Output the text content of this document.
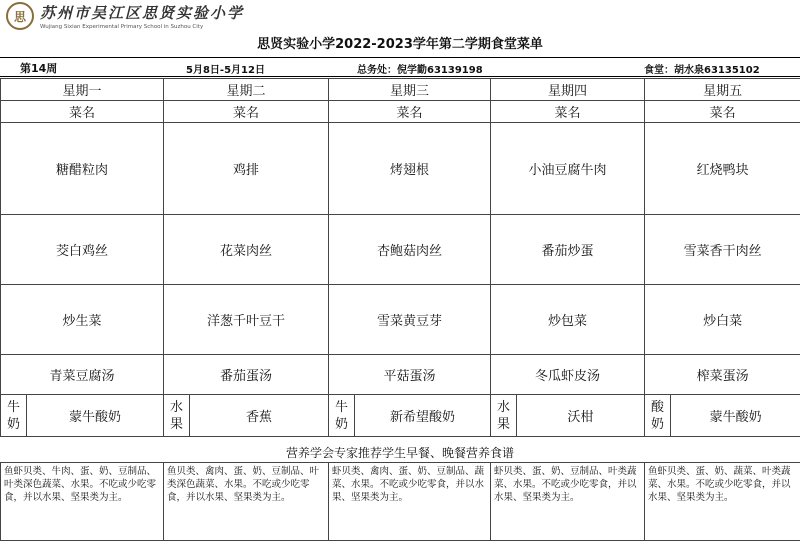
思 苏州市吴江区思贤实验小学
Wujiang Sixian Experimental Primary School in Suzhou City
思贤实验小学2022-2023学年第二学期食堂菜单
第14周	5月8日-5月12日	总务处：倪学勤63139198	食堂：胡水泉63135102
星期一		星期二		星期三		星期四		星期五	
菜名		菜名		菜名		菜名		菜名	
糖醋粒肉		鸡排		烤翅根		小油豆腐牛肉		红烧鸭块	
茭白鸡丝		花菜肉丝		杏鲍菇肉丝		番茄炒蛋		雪菜香干肉丝	
炒生菜		洋葱千叶豆干		雪菜黄豆芽		炒包菜		炒白菜	
青菜豆腐汤		番茄蛋汤		平菇蛋汤		冬瓜虾皮汤		榨菜蛋汤	
牛奶	蒙牛酸奶	水果	香蕉	牛奶	新希望酸奶	水果	沃柑	酸奶	蒙牛酸奶
营养学会专家推荐学生早餐、晚餐营养食谱
鱼虾贝类、牛肉、蛋、奶、豆制品、叶类深色蔬菜、水果。不吃或少吃零食，并以水果、坚果类为主。	鱼贝类、禽肉、蛋、奶、豆制品、叶类深色蔬菜、水果。不吃或少吃零食，并以水果、坚果类为主。	虾贝类、禽肉、蛋、奶、豆制品、蔬菜、水果。不吃或少吃零食，并以水果、坚果类为主。	虾贝类、蛋、奶、豆制品、叶类蔬菜、水果。不吃或少吃零食，并以水果、坚果类为主。	鱼虾贝类、蛋、奶、蔬菜、叶类蔬菜、水果。不吃或少吃零食，并以水果、坚果类为主。
